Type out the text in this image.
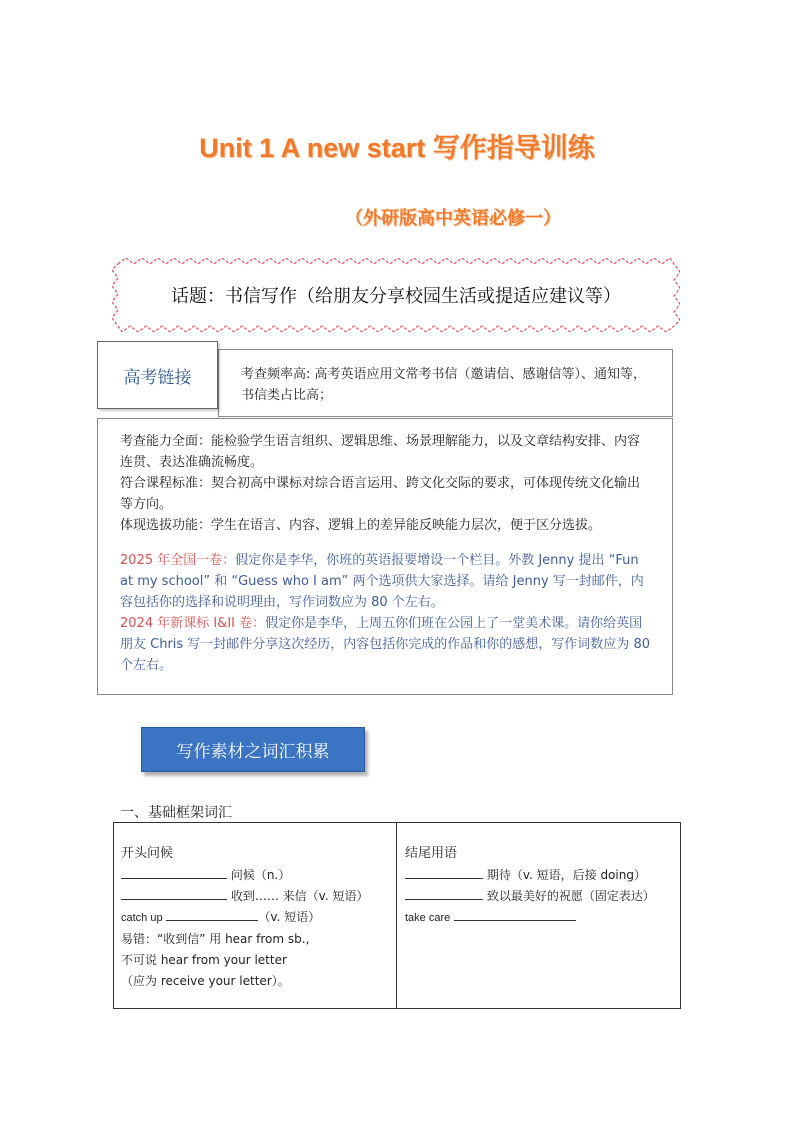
Unit 1 A new start 写作指导训练
（外研版高中英语必修一）
话题：书信写作（给朋友分享校园生活或提适应建议等）
考查频率高: 高考英语应用文常考书信（邀请信、感谢信等）、通知等，书信类占比高；
高考链接

考查能力全面：能检验学生语言组织、逻辑思维、场景理解能力，以及文章结构安排、内容连贯、表达准确流畅度。

符合课程标准：契合初高中课标对综合语言运用、跨文化交际的要求，可体现传统文化输出等方向。

体现选拔功能：学生在语言、内容、逻辑上的差异能反映能力层次，便于区分选拔。

2025 年全国一卷：假定你是李华，你班的英语报要增设一个栏目。外教 Jenny 提出 “Fun at my school” 和 “Guess who I am” 两个选项供大家选择。请给 Jenny 写一封邮件，内容包括你的选择和说明理由，写作词数应为 80 个左右。

2024 年新课标 Ⅰ&II 卷：假定你是李华，上周五你们班在公园上了一堂美术课。请你给英国朋友 Chris 写一封邮件分享这次经历，内容包括你完成的作品和你的感想，写作词数应为 80 个左右。

写作素材之词汇积累
一、基础框架词汇
开头问候
问候（n.）
收到…… 来信（v. 短语）
catch up	（v. 短语）
易错：“收到信” 用 hear from sb.,
不可说 hear from your letter
（应为 receive your letter）。
结尾用语
期待（v. 短语，后接 doing）
致以最美好的祝愿（固定表达）
take care
